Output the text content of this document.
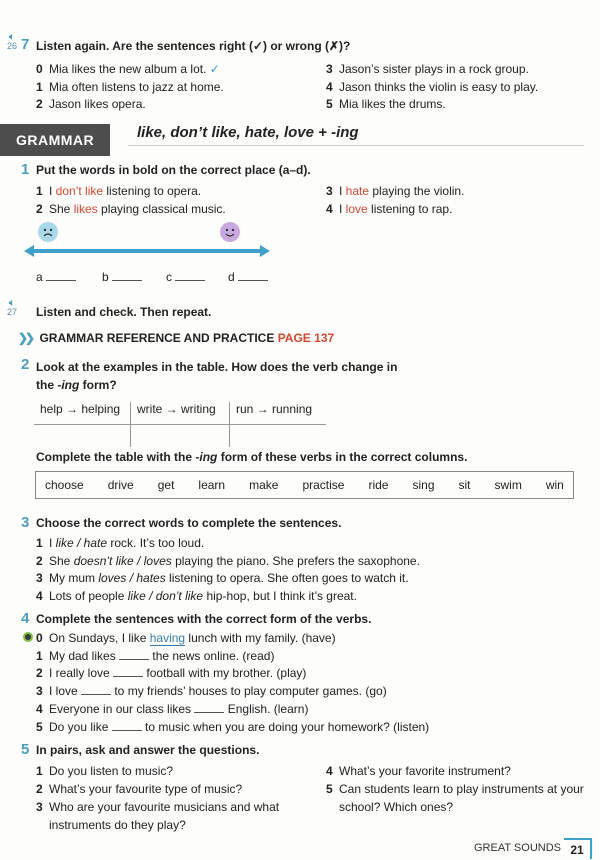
🔈︎
26 7 Listen again. Are the sentences right (✓) or wrong (✗)?
0 Mia likes the new album a lot. ✓
1 Mia often listens to jazz at home.
2 Jason likes opera.
3 Jason’s sister plays in a rock group.
4 Jason thinks the violin is easy to play.
5 Mia likes the drums.
GRAMMAR	like, don’t like, hate, love + -ing
1 Put the words in bold on the correct place (a–d).
1 I don’t like listening to opera.
2 She likes playing classical music.
3 I hate playing the violin.
4 I love listening to rap.
a	b	c	d
🔈︎
27 Listen and check. Then repeat.
❯❯ GRAMMAR REFERENCE AND PRACTICE PAGE 137
2 Look at the examples in the table. How does the verb change in
the -ing form?
help → helping	write → writing	run → running

Complete the table with the -ing form of these verbs in the correct columns.
choose drive get learn make practise ride sing sit swim win
3 Choose the correct words to complete the sentences.
1 I like / hate rock. It’s too loud.
2 She doesn’t like / loves playing the piano. She prefers the saxophone.
3 My mum loves / hates listening to opera. She often goes to watch it.
4 Lots of people like / don’t like hip-hop, but I think it’s great.
4 Complete the sentences with the correct form of the verbs.
0 On Sundays, I like having lunch with my family. (have)
1 My dad likes	the news online. (read)
2 I really love	football with my brother. (play)
3 I love	to my friends’ houses to play computer games. (go)
4 Everyone in our class likes	English. (learn)
5 Do you like	to music when you are doing your homework? (listen)
5 In pairs, ask and answer the questions.
1 Do you listen to music?
2 What’s your favourite type of music?
3 Who are your favourite musicians and what
instruments do they play?
4 What’s your favorite instrument?
5 Can students learn to play instruments at your
school? Which ones?
GREAT SOUNDS 21
